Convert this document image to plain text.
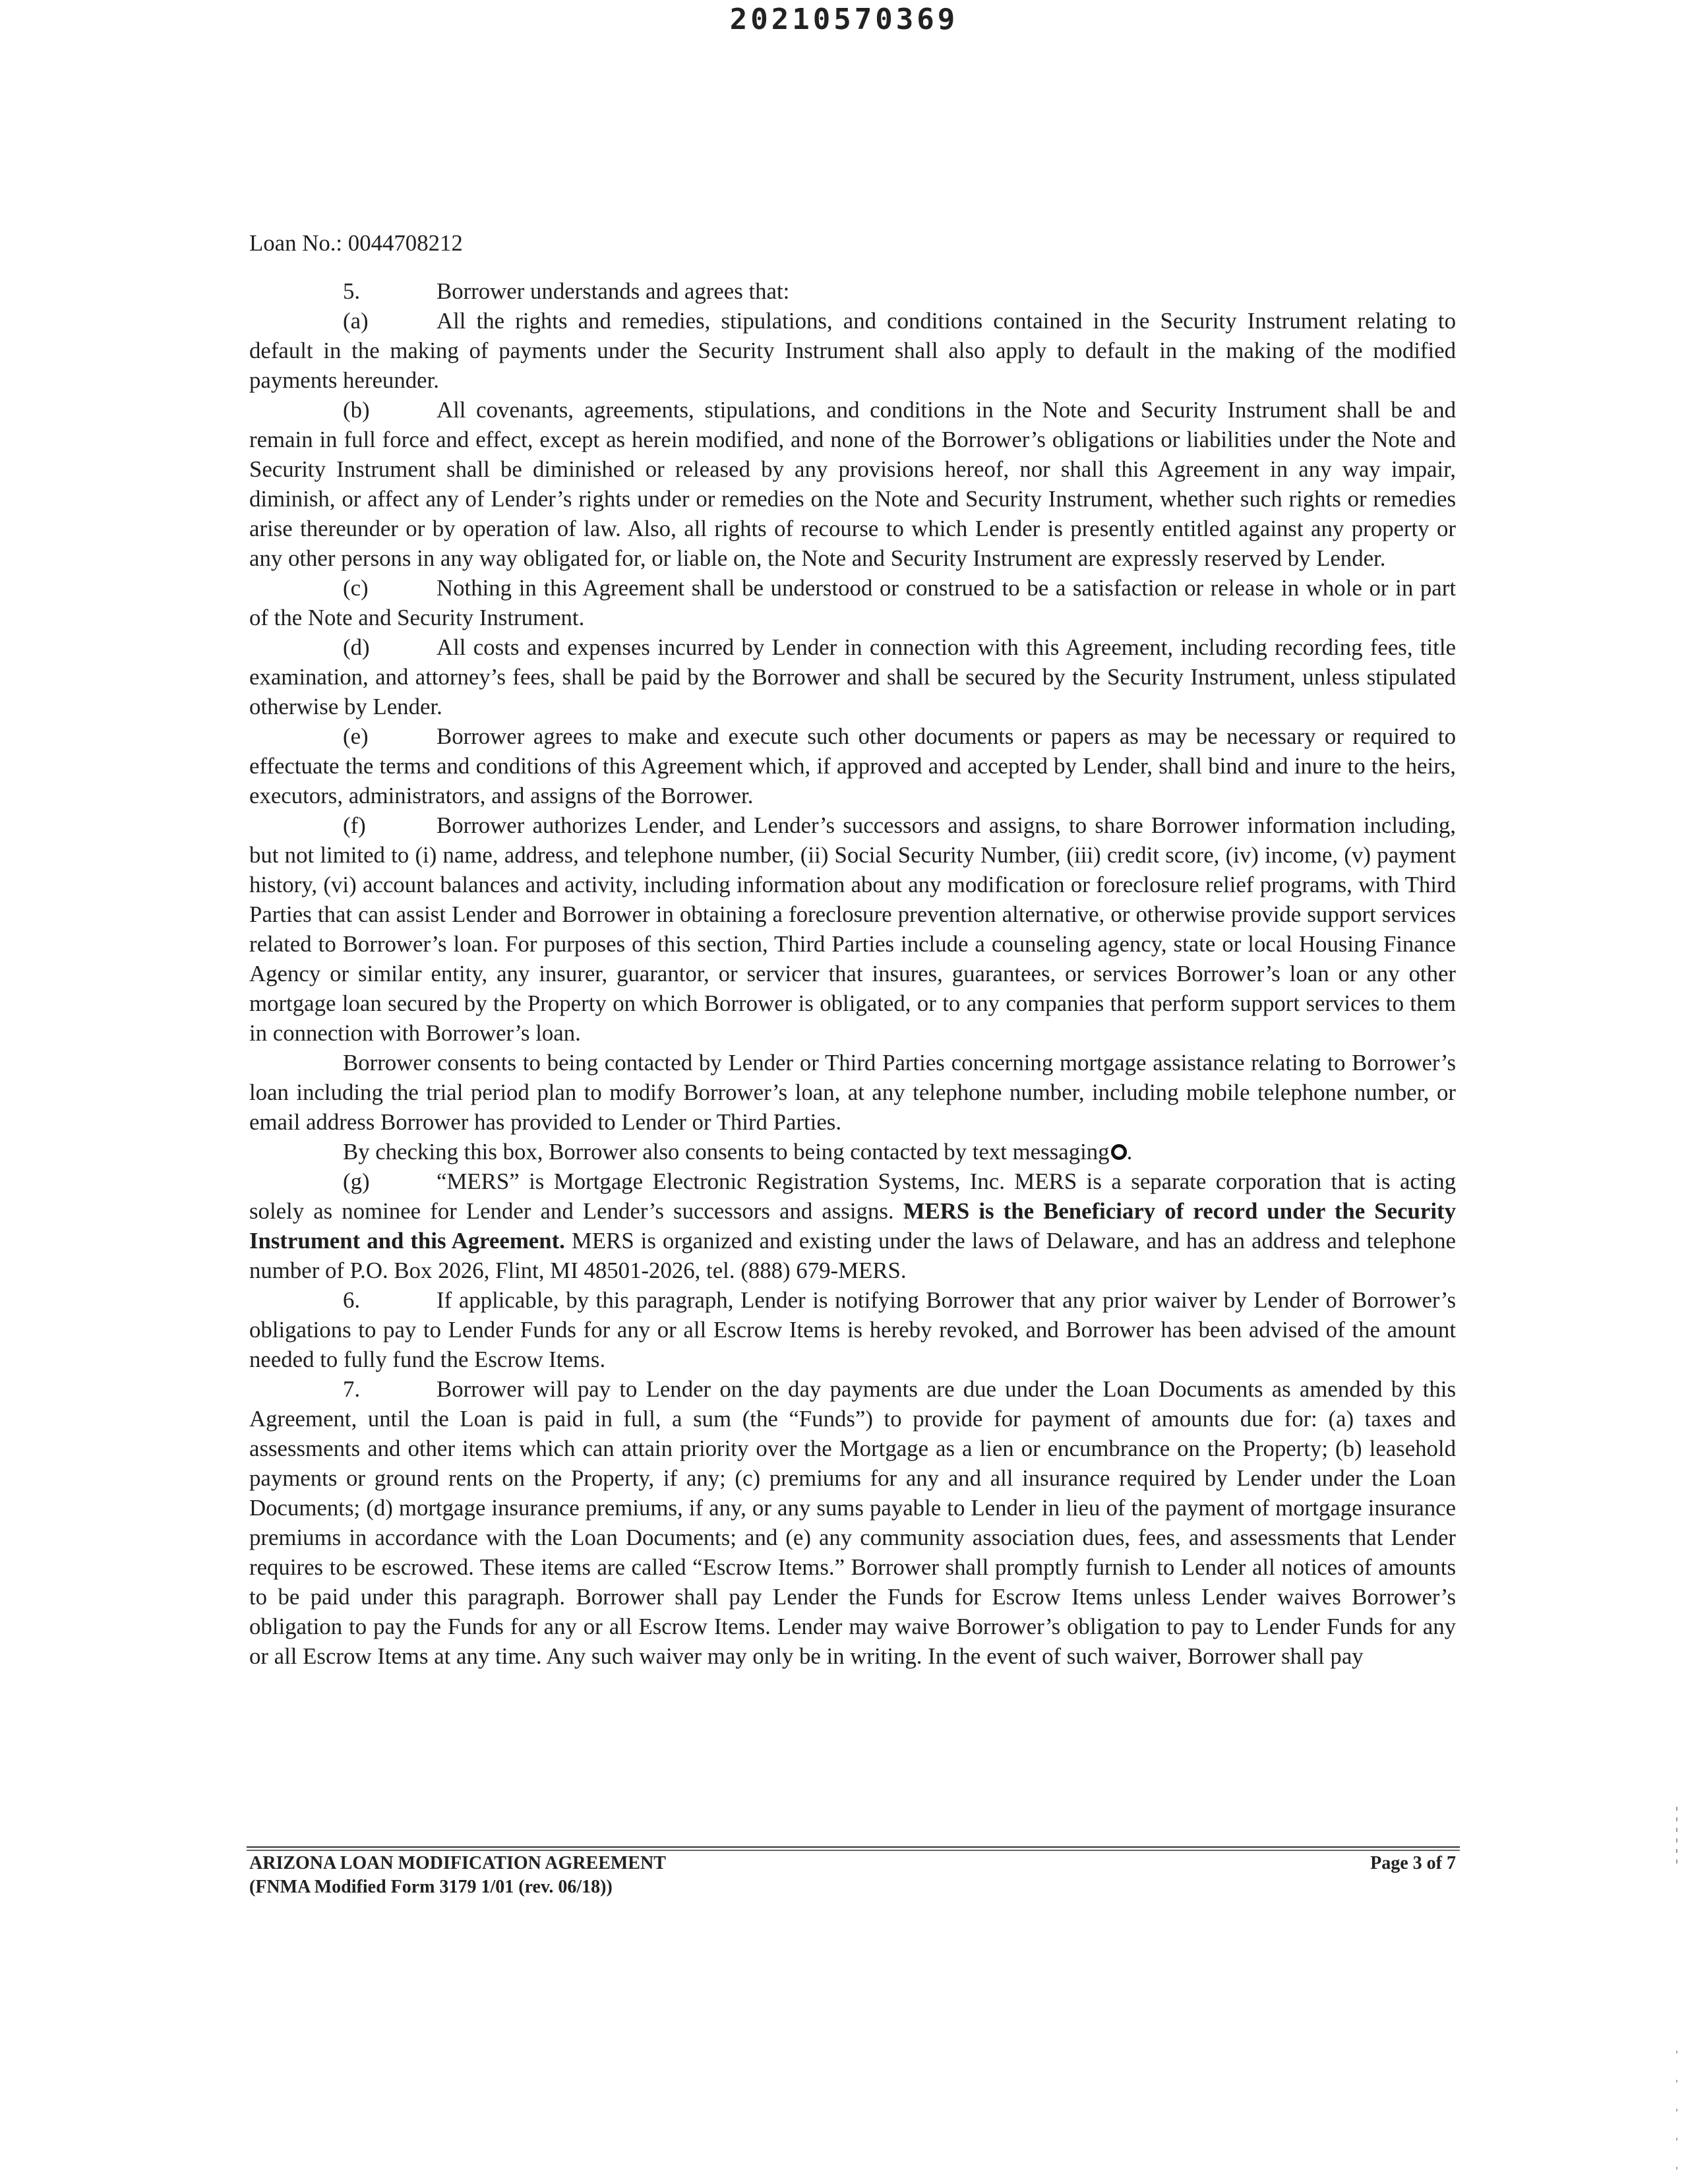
20210570369

Loan No.: 0044708212

5.	Borrower understands and agrees that:

(a)	All the rights and remedies, stipulations, and conditions contained in the Security Instrument relating to default in the making of payments under the Security Instrument shall also apply to default in the making of the modified payments hereunder.

(b)	All covenants, agreements, stipulations, and conditions in the Note and Security Instrument shall be and remain in full force and effect, except as herein modified, and none of the Borrower’s obligations or liabilities under the Note and Security Instrument shall be diminished or released by any provisions hereof, nor shall this Agreement in any way impair, diminish, or affect any of Lender’s rights under or remedies on the Note and Security Instrument, whether such rights or remedies arise thereunder or by operation of law. Also, all rights of recourse to which Lender is presently entitled against any property or any other persons in any way obligated for, or liable on, the Note and Security Instrument are expressly reserved by Lender.

(c)	Nothing in this Agreement shall be understood or construed to be a satisfaction or release in whole or in part of the Note and Security Instrument.

(d)	All costs and expenses incurred by Lender in connection with this Agreement, including recording fees, title examination, and attorney’s fees, shall be paid by the Borrower and shall be secured by the Security Instrument, unless stipulated otherwise by Lender.

(e)	Borrower agrees to make and execute such other documents or papers as may be necessary or required to effectuate the terms and conditions of this Agreement which, if approved and accepted by Lender, shall bind and inure to the heirs, executors, administrators, and assigns of the Borrower.

(f)	Borrower authorizes Lender, and Lender’s successors and assigns, to share Borrower information including, but not limited to (i) name, address, and telephone number, (ii) Social Security Number, (iii) credit score, (iv) income, (v) payment history, (vi) account balances and activity, including information about any modification or foreclosure relief programs, with Third Parties that can assist Lender and Borrower in obtaining a foreclosure prevention alternative, or otherwise provide support services related to Borrower’s loan. For purposes of this section, Third Parties include a counseling agency, state or local Housing Finance Agency or similar entity, any insurer, guarantor, or servicer that insures, guarantees, or services Borrower’s loan or any other mortgage loan secured by the Property on which Borrower is obligated, or to any companies that perform support services to them in connection with Borrower’s loan.

Borrower consents to being contacted by Lender or Third Parties concerning mortgage assistance relating to Borrower’s loan including the trial period plan to modify Borrower’s loan, at any telephone number, including mobile telephone number, or email address Borrower has provided to Lender or Third Parties.

By checking this box, Borrower also consents to being contacted by text messaging .

(g)	“MERS” is Mortgage Electronic Registration Systems, Inc. MERS is a separate corporation that is acting solely as nominee for Lender and Lender’s successors and assigns. MERS is the Beneficiary of record under the Security Instrument and this Agreement. MERS is organized and existing under the laws of Delaware, and has an address and telephone number of P.O. Box 2026, Flint, MI 48501-2026, tel. (888) 679-MERS.

6.	If applicable, by this paragraph, Lender is notifying Borrower that any prior waiver by Lender of Borrower’s obligations to pay to Lender Funds for any or all Escrow Items is hereby revoked, and Borrower has been advised of the amount needed to fully fund the Escrow Items.

7.	Borrower will pay to Lender on the day payments are due under the Loan Documents as amended by this Agreement, until the Loan is paid in full, a sum (the “Funds”) to provide for payment of amounts due for: (a) taxes and assessments and other items which can attain priority over the Mortgage as a lien or encumbrance on the Property; (b) leasehold payments or ground rents on the Property, if any; (c) premiums for any and all insurance required by Lender under the Loan Documents; (d) mortgage insurance premiums, if any, or any sums payable to Lender in lieu of the payment of mortgage insurance premiums in accordance with the Loan Documents; and (e) any community association dues, fees, and assessments that Lender requires to be escrowed. These items are called “Escrow Items.” Borrower shall promptly furnish to Lender all notices of amounts to be paid under this paragraph. Borrower shall pay Lender the Funds for Escrow Items unless Lender waives Borrower’s obligation to pay the Funds for any or all Escrow Items. Lender may waive Borrower’s obligation to pay to Lender Funds for any or all Escrow Items at any time. Any such waiver may only be in writing. In the event of such waiver, Borrower shall pay

ARIZONA LOAN MODIFICATION AGREEMENT
(FNMA Modified Form 3179 1/01 (rev. 06/18))
Page 3 of 7
